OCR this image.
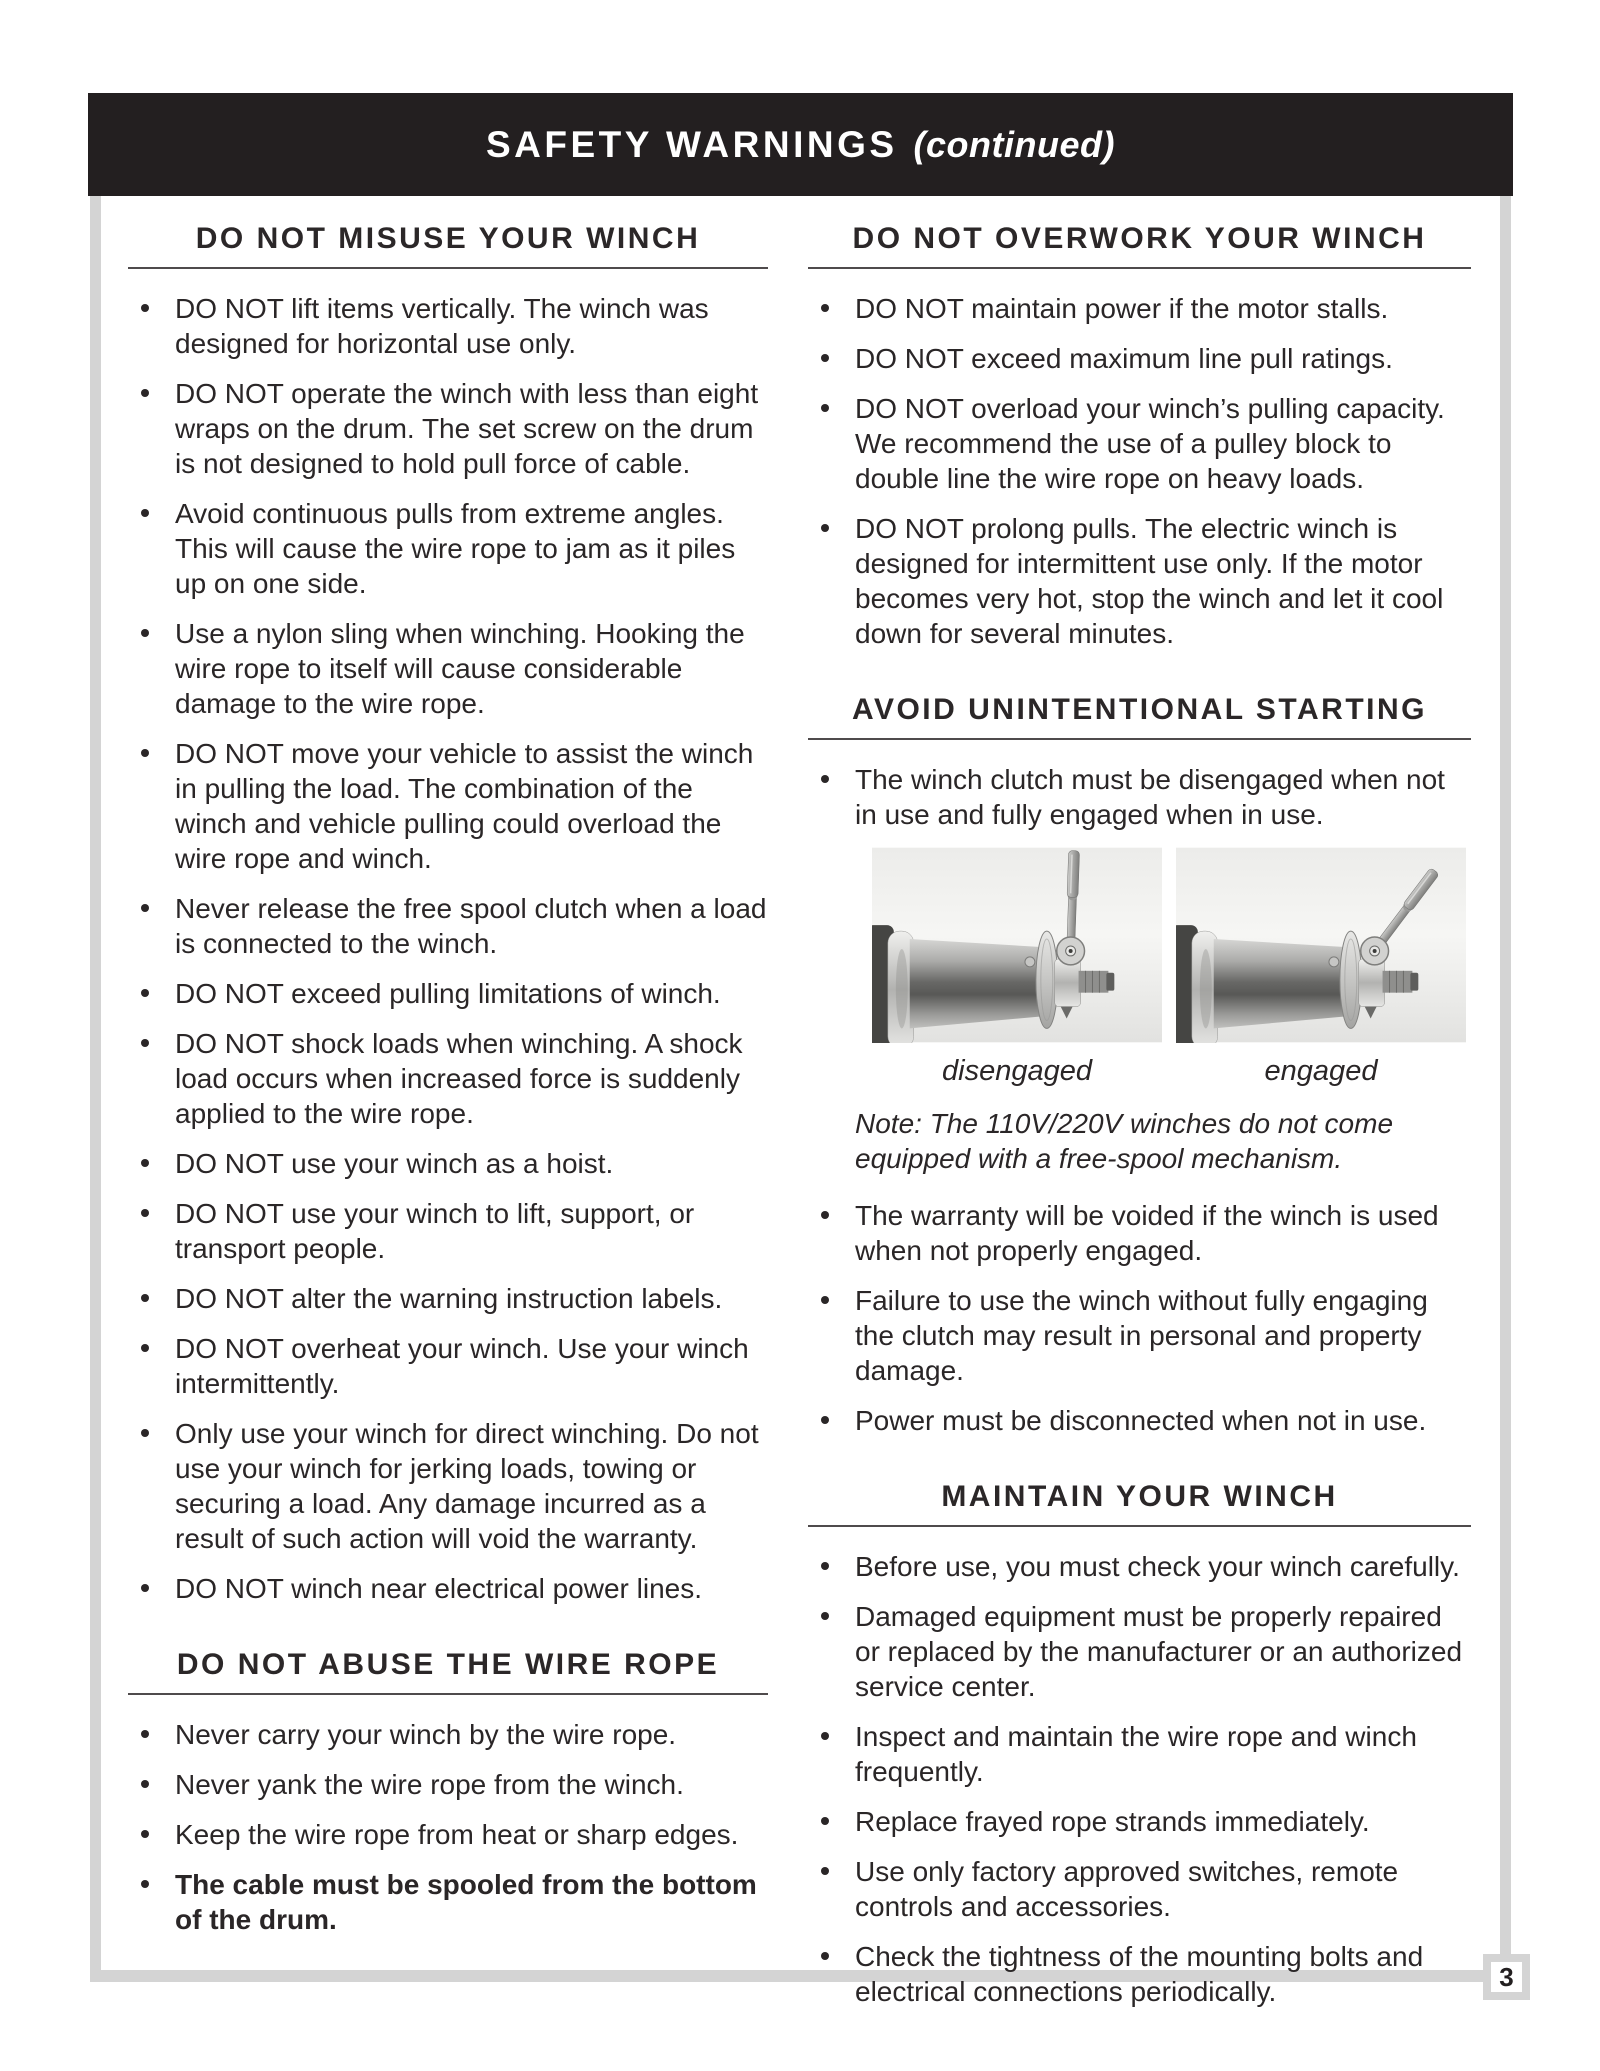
SAFETY WARNINGS (continued)
3
DO NOT MISUSE YOUR WINCH
DO NOT lift items vertically. The winch was designed for horizontal use only.
DO NOT operate the winch with less than eight wraps on the drum. The set screw on the drum is not designed to hold pull force of cable.
Avoid continuous pulls from extreme angles. This will cause the wire rope to jam as it piles up on one side.
Use a nylon sling when winching. Hooking the wire rope to itself will cause considerable damage to the wire rope.
DO NOT move your vehicle to assist the winch in pulling the load. The combination of the winch and vehicle pulling could overload the wire rope and winch.
Never release the free spool clutch when a load is connected to the winch.
DO NOT exceed pulling limitations of winch.
DO NOT shock loads when winching. A shock load occurs when increased force is suddenly applied to the wire rope.
DO NOT use your winch as a hoist.
DO NOT use your winch to lift, support, or transport people.
DO NOT alter the warning instruction labels.
DO NOT overheat your winch. Use your winch intermittently.
Only use your winch for direct winching. Do not use your winch for jerking loads, towing or securing a load. Any damage incurred as a result of such action will void the warranty.
DO NOT winch near electrical power lines.
DO NOT ABUSE THE WIRE ROPE
Never carry your winch by the wire rope.
Never yank the wire rope from the winch.
Keep the wire rope from heat or sharp edges.
The cable must be spooled from the bottom of the drum.
DO NOT OVERWORK YOUR WINCH
DO NOT maintain power if the motor stalls.
DO NOT exceed maximum line pull ratings.
DO NOT overload your winch’s pulling capacity. We recommend the use of a pulley block to double line the wire rope on heavy loads.
DO NOT prolong pulls. The electric winch is designed for intermittent use only. If the motor becomes very hot, stop the winch and let it cool down for several minutes.
AVOID UNINTENTIONAL STARTING
The winch clutch must be disengaged when not in use and fully engaged when in use.
disengaged	engaged

Note: The 110V/220V winches do not come equipped with a free-spool mechanism.

The warranty will be voided if the winch is used when not properly engaged.
Failure to use the winch without fully engaging the clutch may result in personal and property damage.
Power must be disconnected when not in use.
MAINTAIN YOUR WINCH
Before use, you must check your winch carefully.
Damaged equipment must be properly repaired or replaced by the manufacturer or an authorized service center.
Inspect and maintain the wire rope and winch frequently.
Replace frayed rope strands immediately.
Use only factory approved switches, remote controls and accessories.
Check the tightness of the mounting bolts and electrical connections periodically.
